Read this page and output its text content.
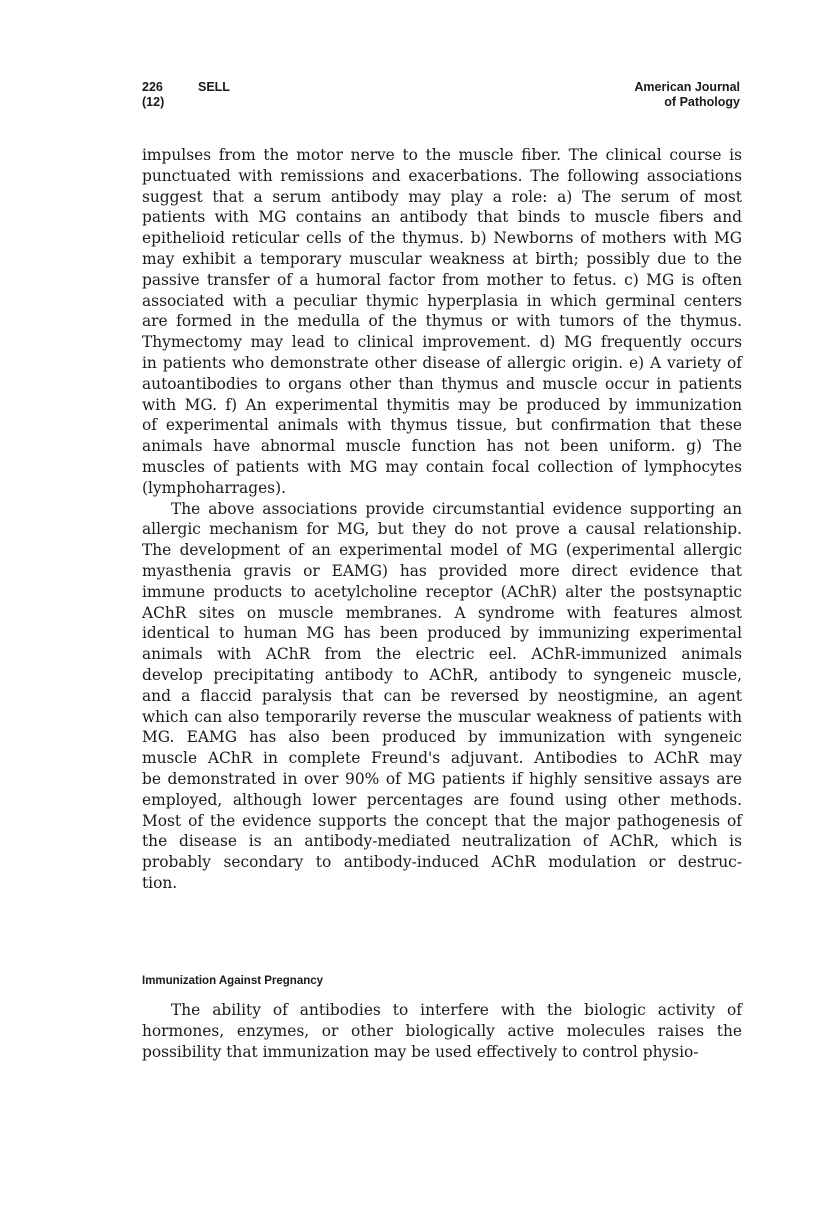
226	SELL
(12)
American Journal
of Pathology

impulses from the motor nerve to the muscle fiber. The clinical course is
punctuated with remissions and exacerbations. The following associations
suggest that a serum antibody may play a role: a) The serum of most
patients with MG contains an antibody that binds to muscle fibers and
epithelioid reticular cells of the thymus. b) Newborns of mothers with MG
may exhibit a temporary muscular weakness at birth; possibly due to the
passive transfer of a humoral factor from mother to fetus. c) MG is often
associated with a peculiar thymic hyperplasia in which germinal centers
are formed in the medulla of the thymus or with tumors of the thymus.
Thymectomy may lead to clinical improvement. d) MG frequently occurs
in patients who demonstrate other disease of allergic origin. e) A variety of
autoantibodies to organs other than thymus and muscle occur in patients
with MG. f) An experimental thymitis may be produced by immunization
of experimental animals with thymus tissue, but confirmation that these
animals have abnormal muscle function has not been uniform. g) The
muscles of patients with MG may contain focal collection of lymphocytes
(lymphoharrages).

The above associations provide circumstantial evidence supporting an
allergic mechanism for MG, but they do not prove a causal relationship.
The development of an experimental model of MG (experimental allergic
myasthenia gravis or EAMG) has provided more direct evidence that
immune products to acetylcholine receptor (AChR) alter the postsynaptic
AChR sites on muscle membranes. A syndrome with features almost
identical to human MG has been produced by immunizing experimental
animals with AChR from the electric eel. AChR-immunized animals
develop precipitating antibody to AChR, antibody to syngeneic muscle,
and a flaccid paralysis that can be reversed by neostigmine, an agent
which can also temporarily reverse the muscular weakness of patients with
MG. EAMG has also been produced by immunization with syngeneic
muscle AChR in complete Freund's adjuvant. Antibodies to AChR may
be demonstrated in over 90% of MG patients if highly sensitive assays are
employed, although lower percentages are found using other methods.
Most of the evidence supports the concept that the major pathogenesis of
the disease is an antibody-mediated neutralization of AChR, which is
probably secondary to antibody-induced AChR modulation or destruc-
tion.

Immunization Against Pregnancy

The ability of antibodies to interfere with the biologic activity of
hormones, enzymes, or other biologically active molecules raises the
possibility that immunization may be used effectively to control physio-
